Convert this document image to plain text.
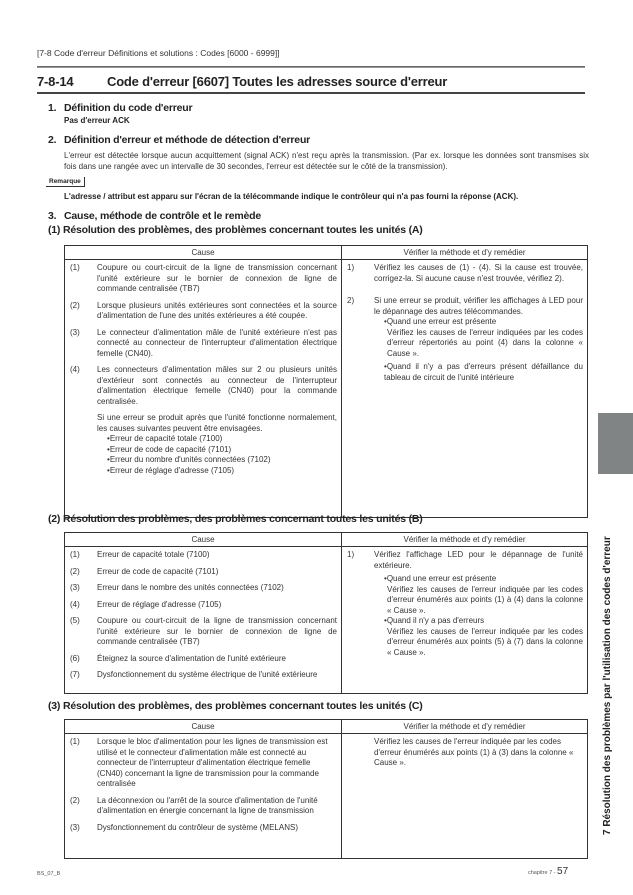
[7-8 Code d'erreur Définitions et solutions : Codes [6000 - 6999]]
7-8-14	Code d'erreur [6607] Toutes les adresses source d'erreur
1. Définition du code d'erreur
Pas d'erreur ACK
2. Définition d'erreur et méthode de détection d'erreur
L'erreur est détectée lorsque aucun acquittement (signal ACK) n'est reçu après la transmission. (Par ex. lorsque les données sont transmises six fois dans une rangée avec un intervalle de 30 secondes, l'erreur est détectée sur le côté de la transmission).
Remarque
L'adresse / attribut est apparu sur l'écran de la télécommande indique le contrôleur qui n'a pas fourni la réponse (ACK).
3. Cause, méthode de contrôle et le remède
(1) Résolution des problèmes, des problèmes concernant toutes les unités (A)
Cause	Vérifier la méthode et d'y remédier

(1)	Coupure ou court-circuit de la ligne de transmission concernant l'unité extérieure sur le bornier de connexion de ligne de commande centralisée (TB7)
(2)	Lorsque plusieurs unités extérieures sont connectées et la source d'alimentation de l'une des unités extérieures a été coupée.
(3)	Le connecteur d'alimentation mâle de l'unité extérieure n'est pas connecté au connecteur de l'interrupteur d'alimentation électrique femelle (CN40).
(4)	Les connecteurs d'alimentation mâles sur 2 ou plusieurs unités d'extérieur sont connectés au connecteur de l'interrupteur d'alimentation électrique femelle (CN40) pour la commande centralisée.
Si une erreur se produit après que l'unité fonctionne normalement, les causes suivantes peuvent être envisagées.
•Erreur de capacité totale (7100)
•Erreur de code de capacité (7101)
•Erreur du nombre d'unités connectées (7102)
•Erreur de réglage d'adresse (7105)

1)	Vérifiez les causes de (1) - (4). Si la cause est trouvée, corrigez-la. Si aucune cause n'est trouvée, vérifiez 2).
2)	Si une erreur se produit, vérifier les affichages à LED pour le dépannage des autres télécommandes.
•Quand une erreur est présente
Vérifiez les causes de l'erreur indiquées par les codes d'erreur répertoriés au point (4) dans la colonne « Cause ».
•Quand il n'y a pas d'erreurs présent défaillance du tableau de circuit de l'unité intérieure
(2) Résolution des problèmes, des problèmes concernant toutes les unités (B)
Cause	Vérifier la méthode et d'y remédier

(1)	Erreur de capacité totale (7100)
(2)	Erreur de code de capacité (7101)
(3)	Erreur dans le nombre des unités connectées (7102)
(4)	Erreur de réglage d'adresse (7105)
(5)	Coupure ou court-circuit de la ligne de transmission concernant l'unité extérieure sur le bornier de connexion de ligne de commande centralisée (TB7)
(6)	Éteignez la source d'alimentation de l'unité extérieure
(7)	Dysfonctionnement du système électrique de l'unité extérieure

1)	Vérifiez l'affichage LED pour le dépannage de l'unité extérieure.
•Quand une erreur est présente
Vérifiez les causes de l'erreur indiquée par les codes d'erreur énumérés aux points (1) à (4) dans la colonne « Cause ».
•Quand il n'y a pas d'erreurs
Vérifiez les causes de l'erreur indiquée par les codes d'erreur énumérés aux points (5) à (7) dans la colonne « Cause ».
(3) Résolution des problèmes, des problèmes concernant toutes les unités (C)
Cause	Vérifier la méthode et d'y remédier

(1)	Lorsque le bloc d'alimentation pour les lignes de transmission est utilisé et le connecteur d'alimentation mâle est connecté au connecteur de l'interrupteur d'alimentation électrique femelle (CN40) concernant la ligne de transmission pour la commande centralisée
(2)	La déconnexion ou l'arrêt de la source d'alimentation de l'unité d'alimentation en énergie concernant la ligne de transmission
(3)	Dysfonctionnement du contrôleur de système (MELANS)

Vérifiez les causes de l'erreur indiquée par les codes d'erreur énumérés aux points (1) à (3) dans la colonne « Cause ».	7 Résolution des problèmes par l'utilisation des codes d'erreur
BS_07_B	chapitre 7 - 57
